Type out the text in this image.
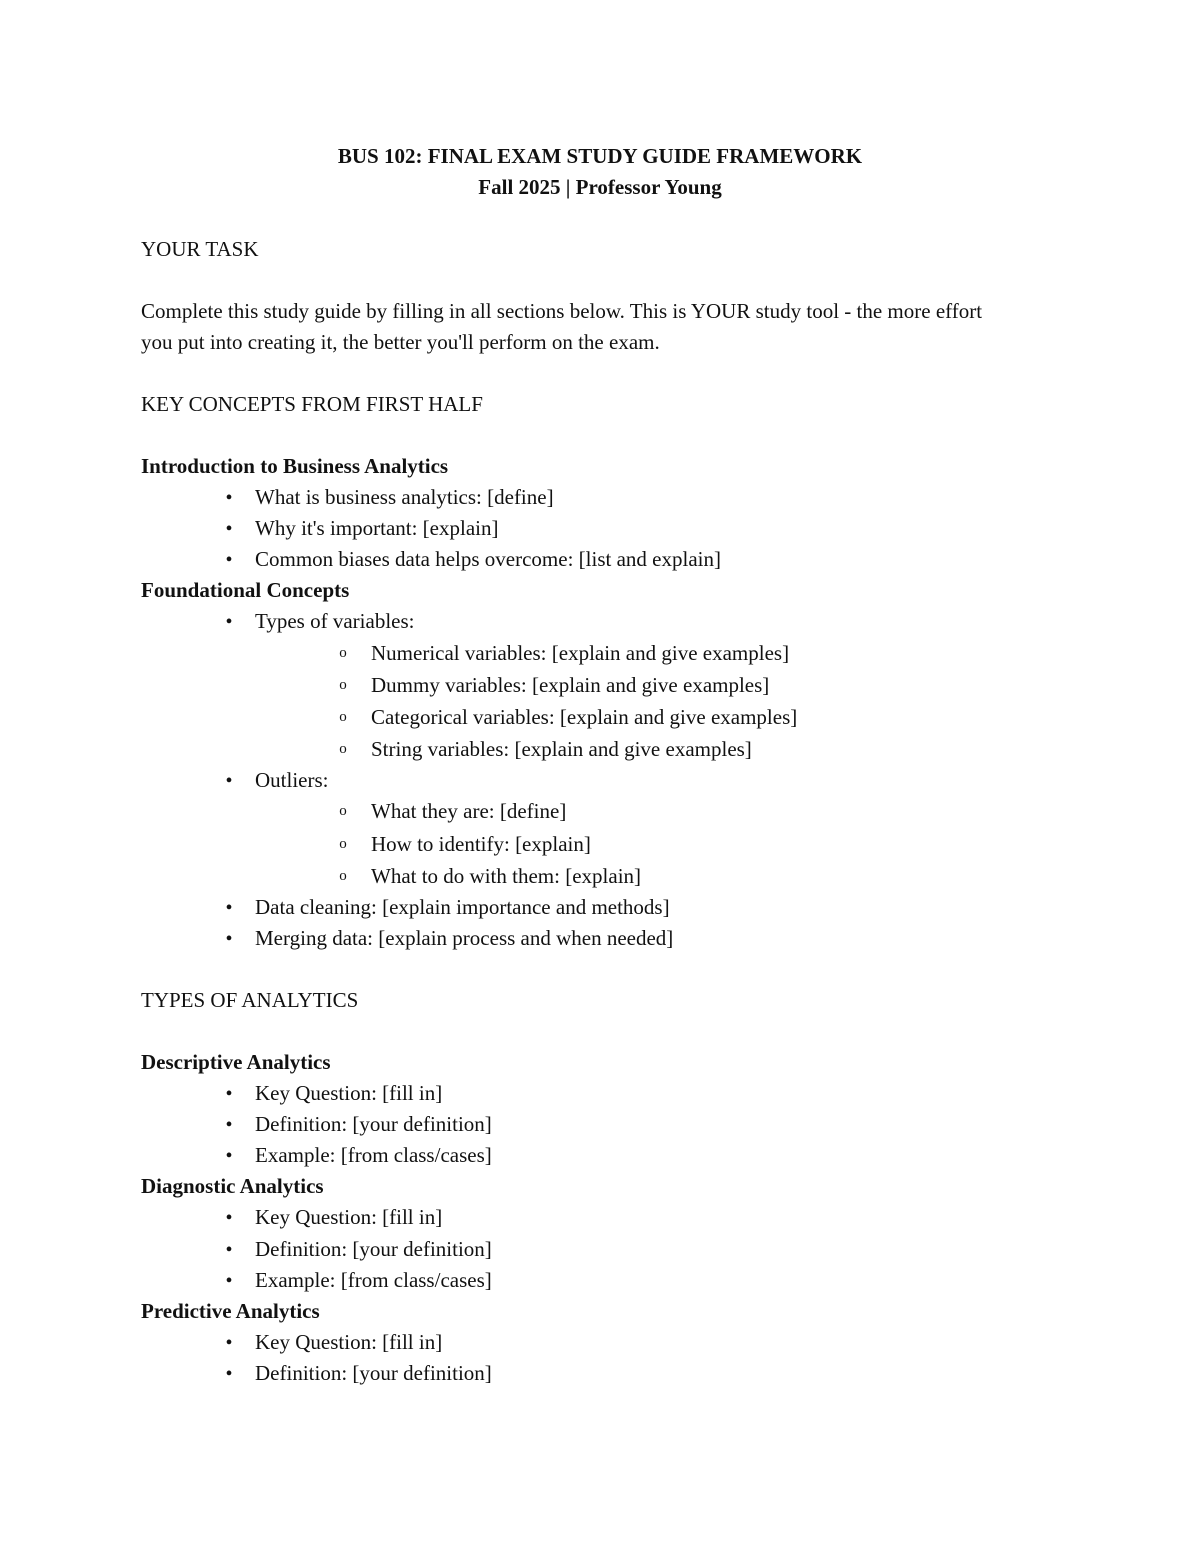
BUS 102: FINAL EXAM STUDY GUIDE FRAMEWORK
Fall 2025 | Professor Young
YOUR TASK
Complete this study guide by filling in all sections below. This is YOUR study tool - the more effort
you put into creating it, the better you'll perform on the exam.
KEY CONCEPTS FROM FIRST HALF
Introduction to Business Analytics
•
What is business analytics: [define]
•
Why it's important: [explain]
•
Common biases data helps overcome: [list and explain]
Foundational Concepts
•
Types of variables:
o Numerical variables: [explain and give examples]
o Dummy variables: [explain and give examples]
o Categorical variables: [explain and give examples]
o String variables: [explain and give examples]
•
Outliers:
o What they are: [define]
o How to identify: [explain]
o What to do with them: [explain]
•
Data cleaning: [explain importance and methods]
•
Merging data: [explain process and when needed]
TYPES OF ANALYTICS
Descriptive Analytics
•
Key Question: [fill in]
•
Definition: [your definition]
•
Example: [from class/cases]
Diagnostic Analytics
•
Key Question: [fill in]
•
Definition: [your definition]
•
Example: [from class/cases]
Predictive Analytics
•
Key Question: [fill in]
•
Definition: [your definition]
